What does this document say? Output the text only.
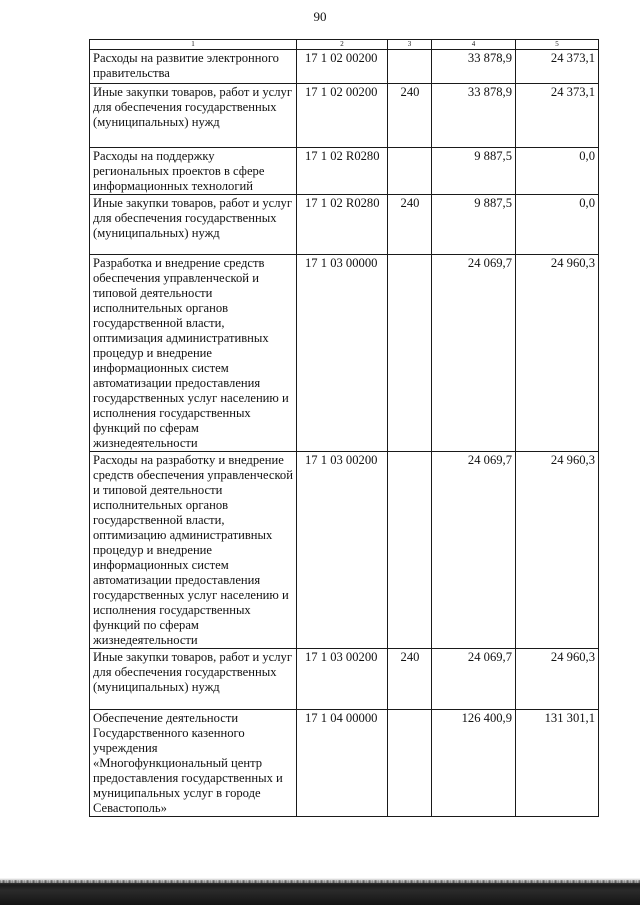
90
1	2	3	4	5
Расходы на развитие электронного правительства	17 1 02 00200		33 878,9	24 373,1
Иные закупки товаров, работ и услуг для обеспечения государственных (муниципальных) нужд	17 1 02 00200	240	33 878,9	24 373,1
Расходы на поддержку региональных проектов в сфере информационных технологий	17 1 02 R0280		9 887,5	0,0
Иные закупки товаров, работ и услуг для обеспечения государственных (муниципальных) нужд	17 1 02 R0280	240	9 887,5	0,0
Разработка и внедрение средств обеспечения управленческой и типовой деятельности исполнительных органов государственной власти, оптимизация административных процедур и внедрение информационных систем автоматизации предоставления государственных услуг населению и исполнения государственных функций по сферам жизнедеятельности	17 1 03 00000		24 069,7	24 960,3
Расходы на разработку и внедрение средств обеспечения управленческой и типовой деятельности исполнительных органов государственной власти, оптимизацию административных процедур и внедрение информационных систем автоматизации предоставления государственных услуг населению и исполнения государственных функций по сферам жизнедеятельности	17 1 03 00200		24 069,7	24 960,3
Иные закупки товаров, работ и услуг для обеспечения государственных (муниципальных) нужд	17 1 03 00200	240	24 069,7	24 960,3
Обеспечение деятельности Государственного казенного учреждения «Многофункциональный центр предоставления государственных и муниципальных услуг в городе Севастополь»	17 1 04 00000		126 400,9	131 301,1
